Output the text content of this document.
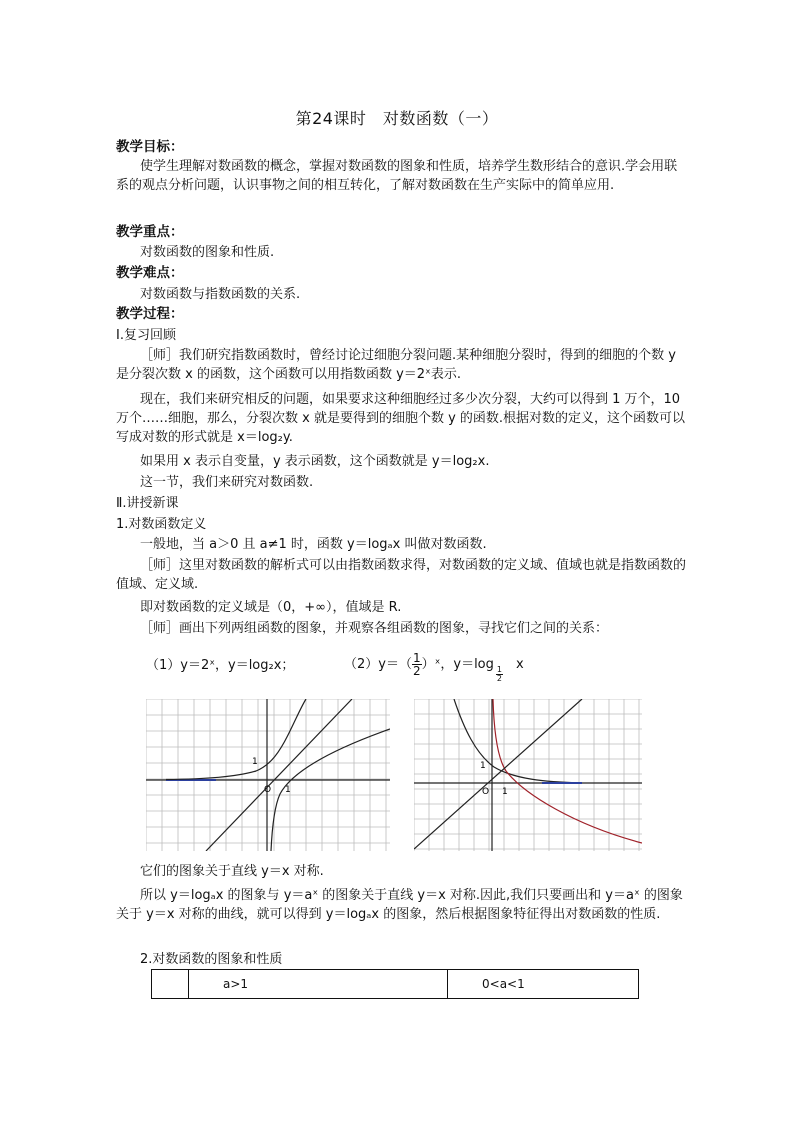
第24课时　对数函数（一）
教学目标：
使学生理解对数函数的概念，掌握对数函数的图象和性质，培养学生数形结合的意识.学会用联系的观点分析问题，认识事物之间的相互转化，了解对数函数在生产实际中的简单应用.
教学重点：
对数函数的图象和性质.
教学难点：
对数函数与指数函数的关系.
教学过程：
Ⅰ.复习回顾
［师］我们研究指数函数时，曾经讨论过细胞分裂问题.某种细胞分裂时，得到的细胞的个数 y 是分裂次数 x 的函数，这个函数可以用指数函数 y＝2ˣ表示.
现在，我们来研究相反的问题，如果要求这种细胞经过多少次分裂，大约可以得到 1 万个，10 万个……细胞，那么，分裂次数 x 就是要得到的细胞个数 y 的函数.根据对数的定义，这个函数可以写成对数的形式就是 x＝log₂y.
如果用 x 表示自变量，y 表示函数，这个函数就是 y＝log₂x.
这一节，我们来研究对数函数.
Ⅱ.讲授新课
1.对数函数定义
一般地，当 a＞0 且 a≠1 时，函数 y＝logₐx 叫做对数函数.
［师］这里对数函数的解析式可以由指数函数求得，对数函数的定义域、值域也就是指数函数的值域、定义域.
即对数函数的定义域是（0，+∞），值域是 R.
［师］画出下列两组函数的图象，并观察各组函数的图象，寻找它们之间的关系：
（1）y＝2ˣ，y＝log₂x；	$(2)y=( \frac{1}{2}$ ）ˣ，y＝log
$\frac{1}{2}$
x
1
1
O
1
1
O
它们的图象关于直线 y＝x 对称.
所以 y＝logₐx 的图象与 y＝aˣ 的图象关于直线 y＝x 对称.因此,我们只要画出和 y＝aˣ 的图象关于 y＝x 对称的曲线，就可以得到 y＝logₐx 的图象，然后根据图象特征得出对数函数的性质.
2.对数函数的图象和性质
	a>1	0<a<1
